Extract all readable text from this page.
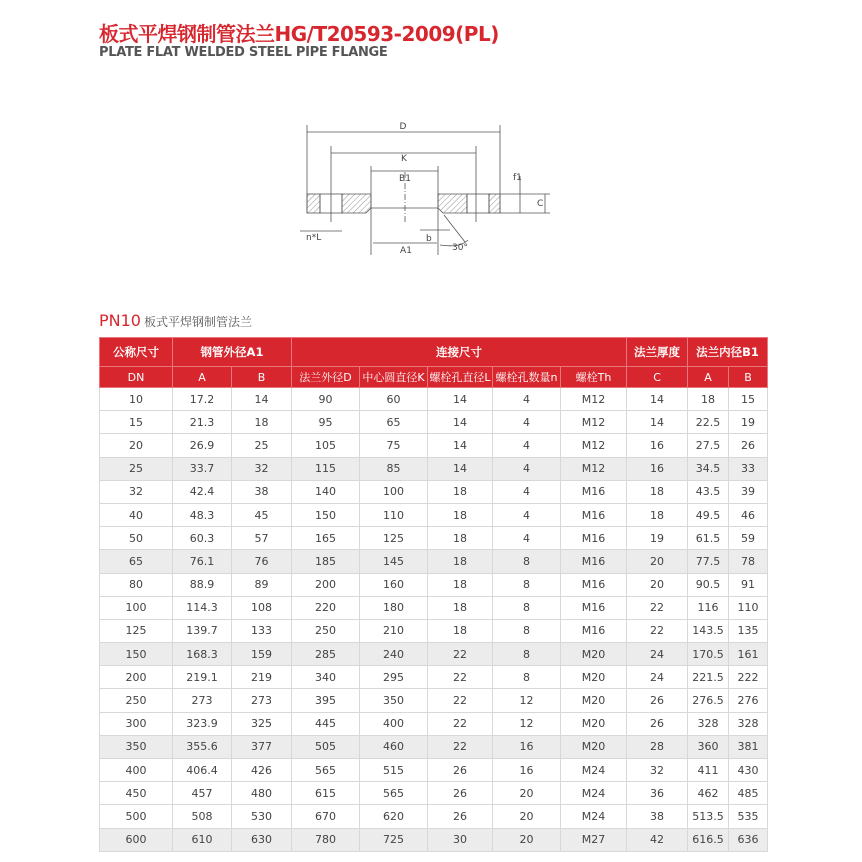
板式平焊钢制管法兰HG/T20593-2009(PL)
PLATE FLAT WELDED STEEL PIPE FLANGE
D
K
B1	f1
C
n*L	b
A1	30°
PN10 板式平焊钢制管法兰
公称尺寸	钢管外径A1		连接尺寸					法兰厚度	法兰内径B1	
DN	A	B	法兰外径D	中心圆直径K	螺栓孔直径L	螺栓孔数量n	螺栓Th	C	A	B
10	17.2	14	90	60	14	4	M12	14	18	15
15	21.3	18	95	65	14	4	M12	14	22.5	19
20	26.9	25	105	75	14	4	M12	16	27.5	26
25	33.7	32	115	85	14	4	M12	16	34.5	33
32	42.4	38	140	100	18	4	M16	18	43.5	39
40	48.3	45	150	110	18	4	M16	18	49.5	46
50	60.3	57	165	125	18	4	M16	19	61.5	59
65	76.1	76	185	145	18	8	M16	20	77.5	78
80	88.9	89	200	160	18	8	M16	20	90.5	91
100	114.3	108	220	180	18	8	M16	22	116	110
125	139.7	133	250	210	18	8	M16	22	143.5	135
150	168.3	159	285	240	22	8	M20	24	170.5	161
200	219.1	219	340	295	22	8	M20	24	221.5	222
250	273	273	395	350	22	12	M20	26	276.5	276
300	323.9	325	445	400	22	12	M20	26	328	328
350	355.6	377	505	460	22	16	M20	28	360	381
400	406.4	426	565	515	26	16	M24	32	411	430
450	457	480	615	565	26	20	M24	36	462	485
500	508	530	670	620	26	20	M24	38	513.5	535
600	610	630	780	725	30	20	M27	42	616.5	636
